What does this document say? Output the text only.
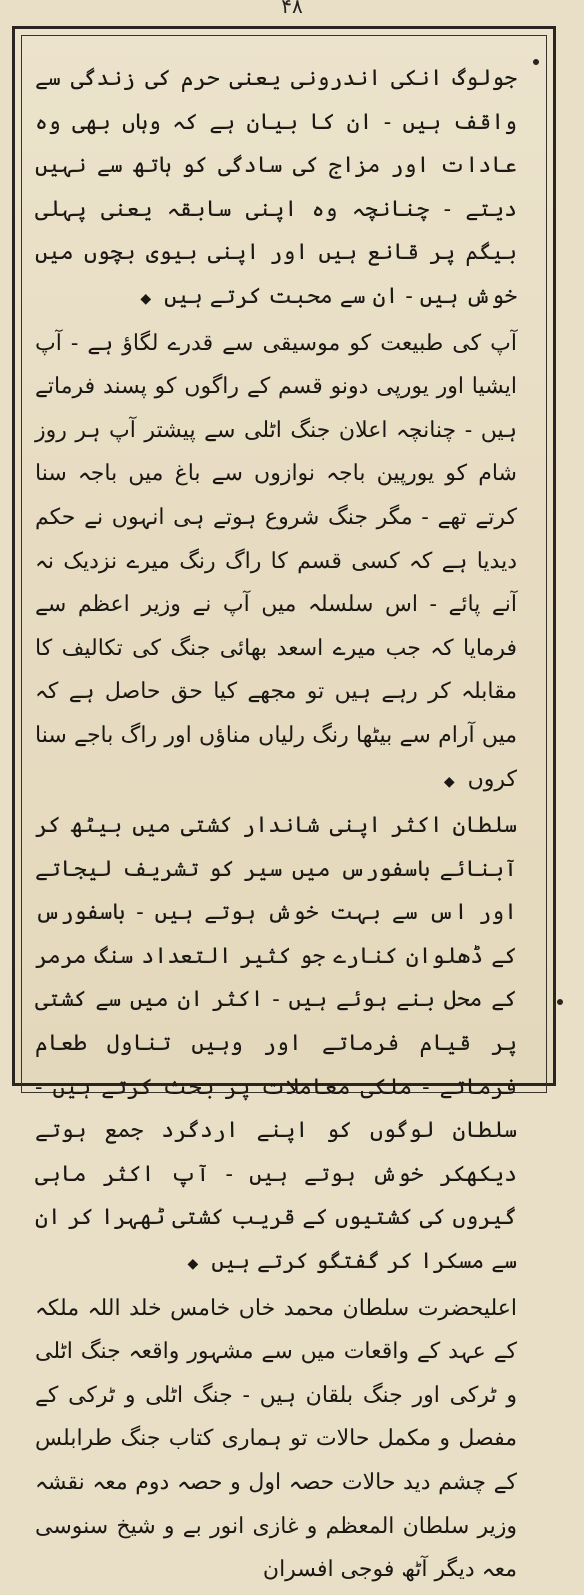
۴۸

جولوگ انکی اندرونی یعنی حرم کی زندگی سے واقف ہیں - ان کا بیان ہے کہ وہاں بھی وہ عادات اور مزاج کی سادگی کو ہاتھ سے نہیں دیتے - چنانچہ وہ اپنی سابقہ یعنی پہلی بیگم پر قانع ہیں اور اپنی بیوی بچوں میں خوش ہیں - ان سے محبت کرتے ہیں ◆

آپ کی طبیعت کو موسیقی سے قدرے لگاؤ ہے - آپ ایشیا اور یورپی دونو قسم کے راگوں کو پسند فرماتے ہیں - چنانچہ اعلان جنگ اٹلی سے پیشتر آپ ہر روز شام کو یورپین باجہ نوازوں سے باغ میں باجہ سنا کرتے تھے - مگر جنگ شروع ہوتے ہی انہوں نے حکم دیدیا ہے کہ کسی قسم کا راگ رنگ میرے نزدیک نہ آنے پائے - اس سلسلہ میں آپ نے وزیر اعظم سے فرمایا کہ جب میرے اسعد بھائی جنگ کی تکالیف کا مقابلہ کر رہے ہیں تو مجھے کیا حق حاصل ہے کہ میں آرام سے بیٹھا رنگ رلیاں مناؤں اور راگ باجے سنا کروں ◆

سلطان اکثر اپنی شاندار کشتی میں بیٹھ کر آبنائے باسفورس میں سیر کو تشریف لیجاتے اور اس سے بہت خوش ہوتے ہیں - باسفورس کے ڈھلوان کنارے جو کثیر التعداد سنگ مرمر کے محل بنے ہوئے ہیں - اکثر ان میں سے کشتی پر قیام فرماتے اور وہیں تناول طعام فرماتے - ملکی معاملات پر بحث کرتے ہیں - سلطان لوگوں کو اپنے اردگرد جمع ہوتے دیکھکر خوش ہوتے ہیں - آپ اکثر ماہی گیروں کی کشتیوں کے قریب کشتی ٹھہرا کر ان سے مسکرا کر گفتگو کرتے ہیں ◆

اعلیحضرت سلطان محمد خاں خامس خلد اللہ ملکہ کے عہد کے واقعات میں سے مشہور واقعہ جنگ اٹلی و ٹرکی اور جنگ بلقان ہیں - جنگ اٹلی و ٹرکی کے مفصل و مکمل حالات تو ہماری کتاب جنگ طرابلس کے چشم دید حالات حصہ اول و حصہ دوم معہ نقشہ وزیر سلطان المعظم و غازی انور بے و شیخ سنوسی معہ دیگر آٹھ فوجی افسران
